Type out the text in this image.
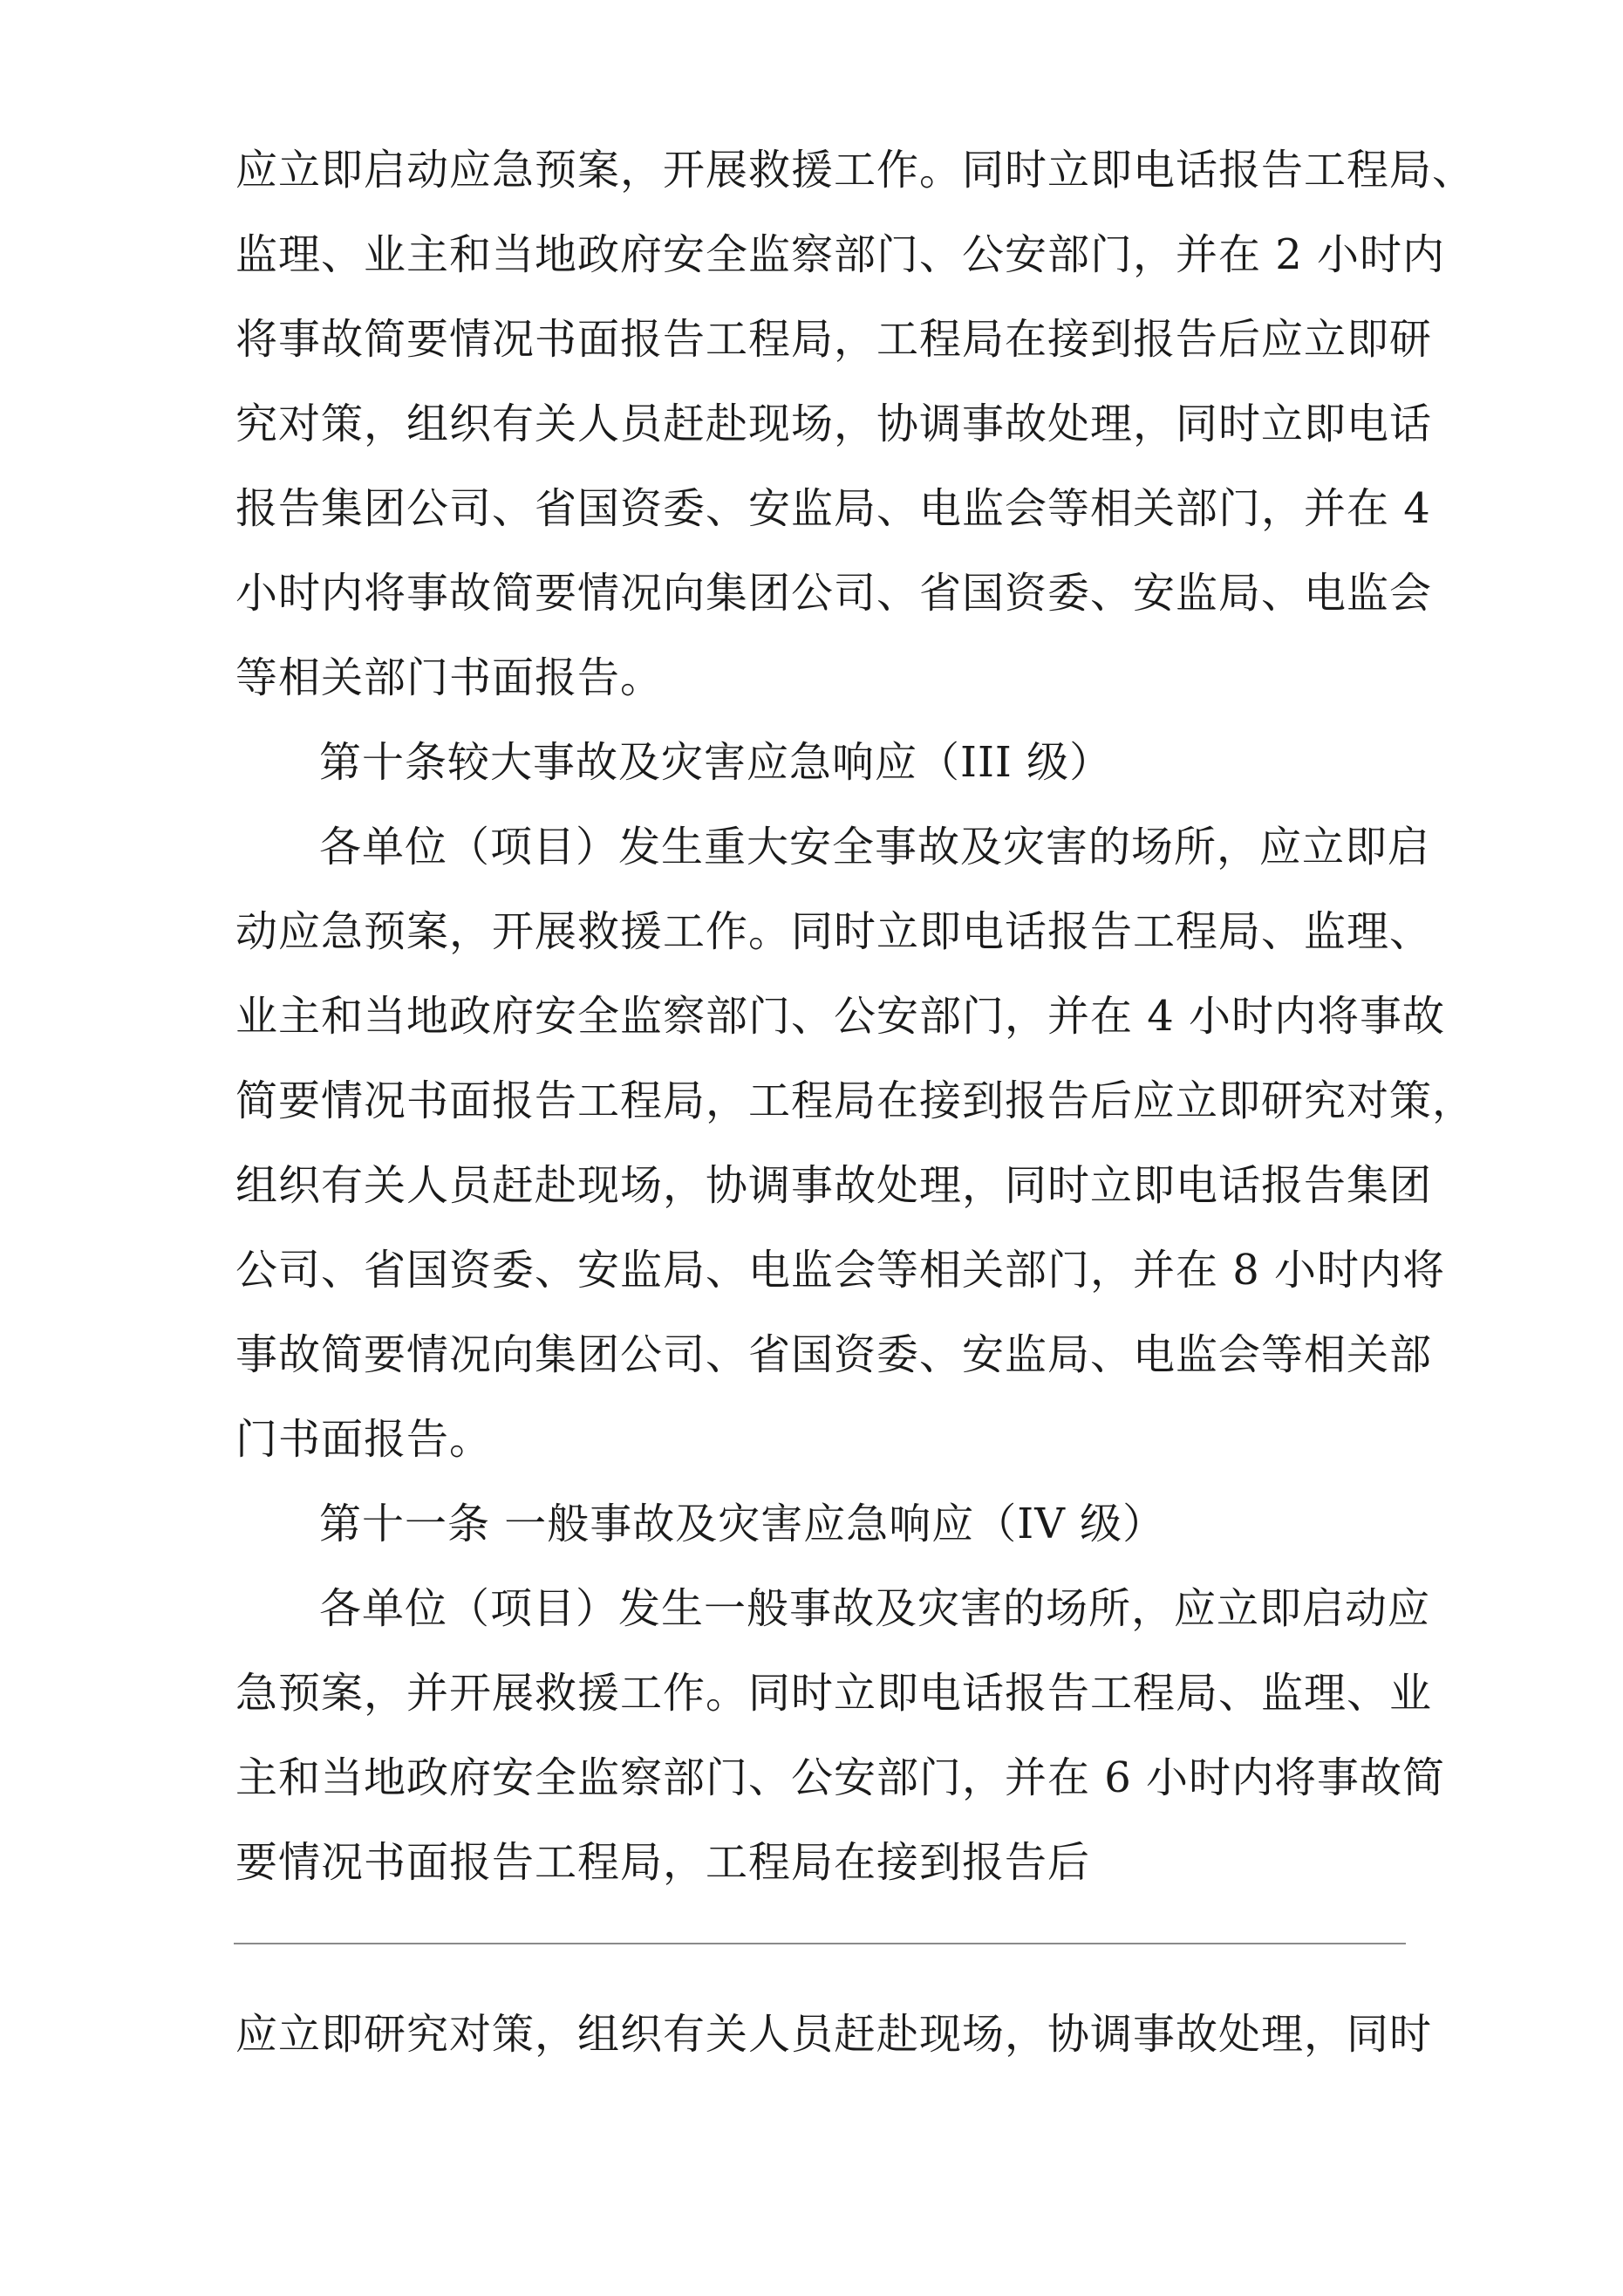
应立即启动应急预案，开展救援工作。同时立即电话报告工程局、
监理、业主和当地政府安全监察部门、公安部门，并在 2 小时内
将事故简要情况书面报告工程局，工程局在接到报告后应立即研
究对策，组织有关人员赶赴现场，协调事故处理，同时立即电话
报告集团公司、省国资委、安监局、电监会等相关部门，并在 4
小时内将事故简要情况向集团公司、省国资委、安监局、电监会
等相关部门书面报告。
第十条较大事故及灾害应急响应（III 级）
各单位（项目）发生重大安全事故及灾害的场所，应立即启
动应急预案，开展救援工作。同时立即电话报告工程局、监理、
业主和当地政府安全监察部门、公安部门，并在 4 小时内将事故
简要情况书面报告工程局，工程局在接到报告后应立即研究对策，
组织有关人员赶赴现场，协调事故处理，同时立即电话报告集团
公司、省国资委、安监局、电监会等相关部门，并在 8 小时内将
事故简要情况向集团公司、省国资委、安监局、电监会等相关部
门书面报告。
第十一条 一般事故及灾害应急响应（IV 级）
各单位（项目）发生一般事故及灾害的场所，应立即启动应
急预案，并开展救援工作。同时立即电话报告工程局、监理、业
主和当地政府安全监察部门、公安部门，并在 6 小时内将事故简
要情况书面报告工程局，工程局在接到报告后
应立即研究对策，组织有关人员赶赴现场，协调事故处理，同时
